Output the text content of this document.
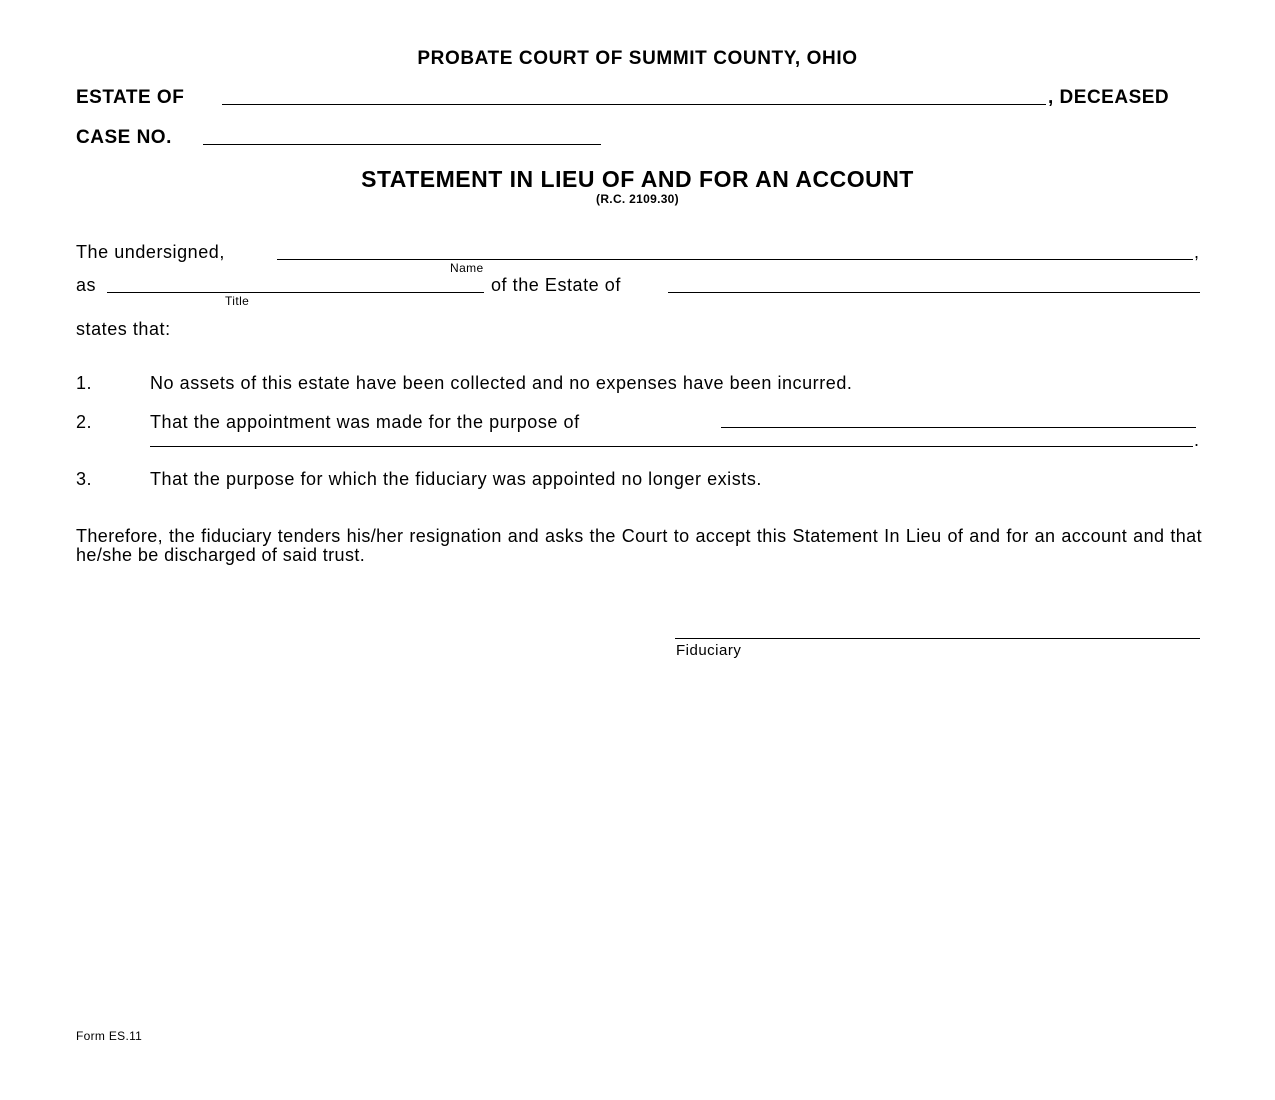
PROBATE COURT OF SUMMIT COUNTY, OHIO
ESTATE OF	, DECEASED
CASE NO.
STATEMENT IN LIEU OF AND FOR AN ACCOUNT
(R.C. 2109.30)
The undersigned,	,
Name
as	of the Estate of
Title
states that:
1.	No assets of this estate have been collected and no expenses have been incurred.
2.	That the appointment was made for the purpose of
.
3.	That the purpose for which the fiduciary was appointed no longer exists.
Therefore, the fiduciary tenders his/her resignation and asks the Court to accept this Statement In Lieu of and for an account and that he/she be discharged of said trust.
Fiduciary
Form ES.11
